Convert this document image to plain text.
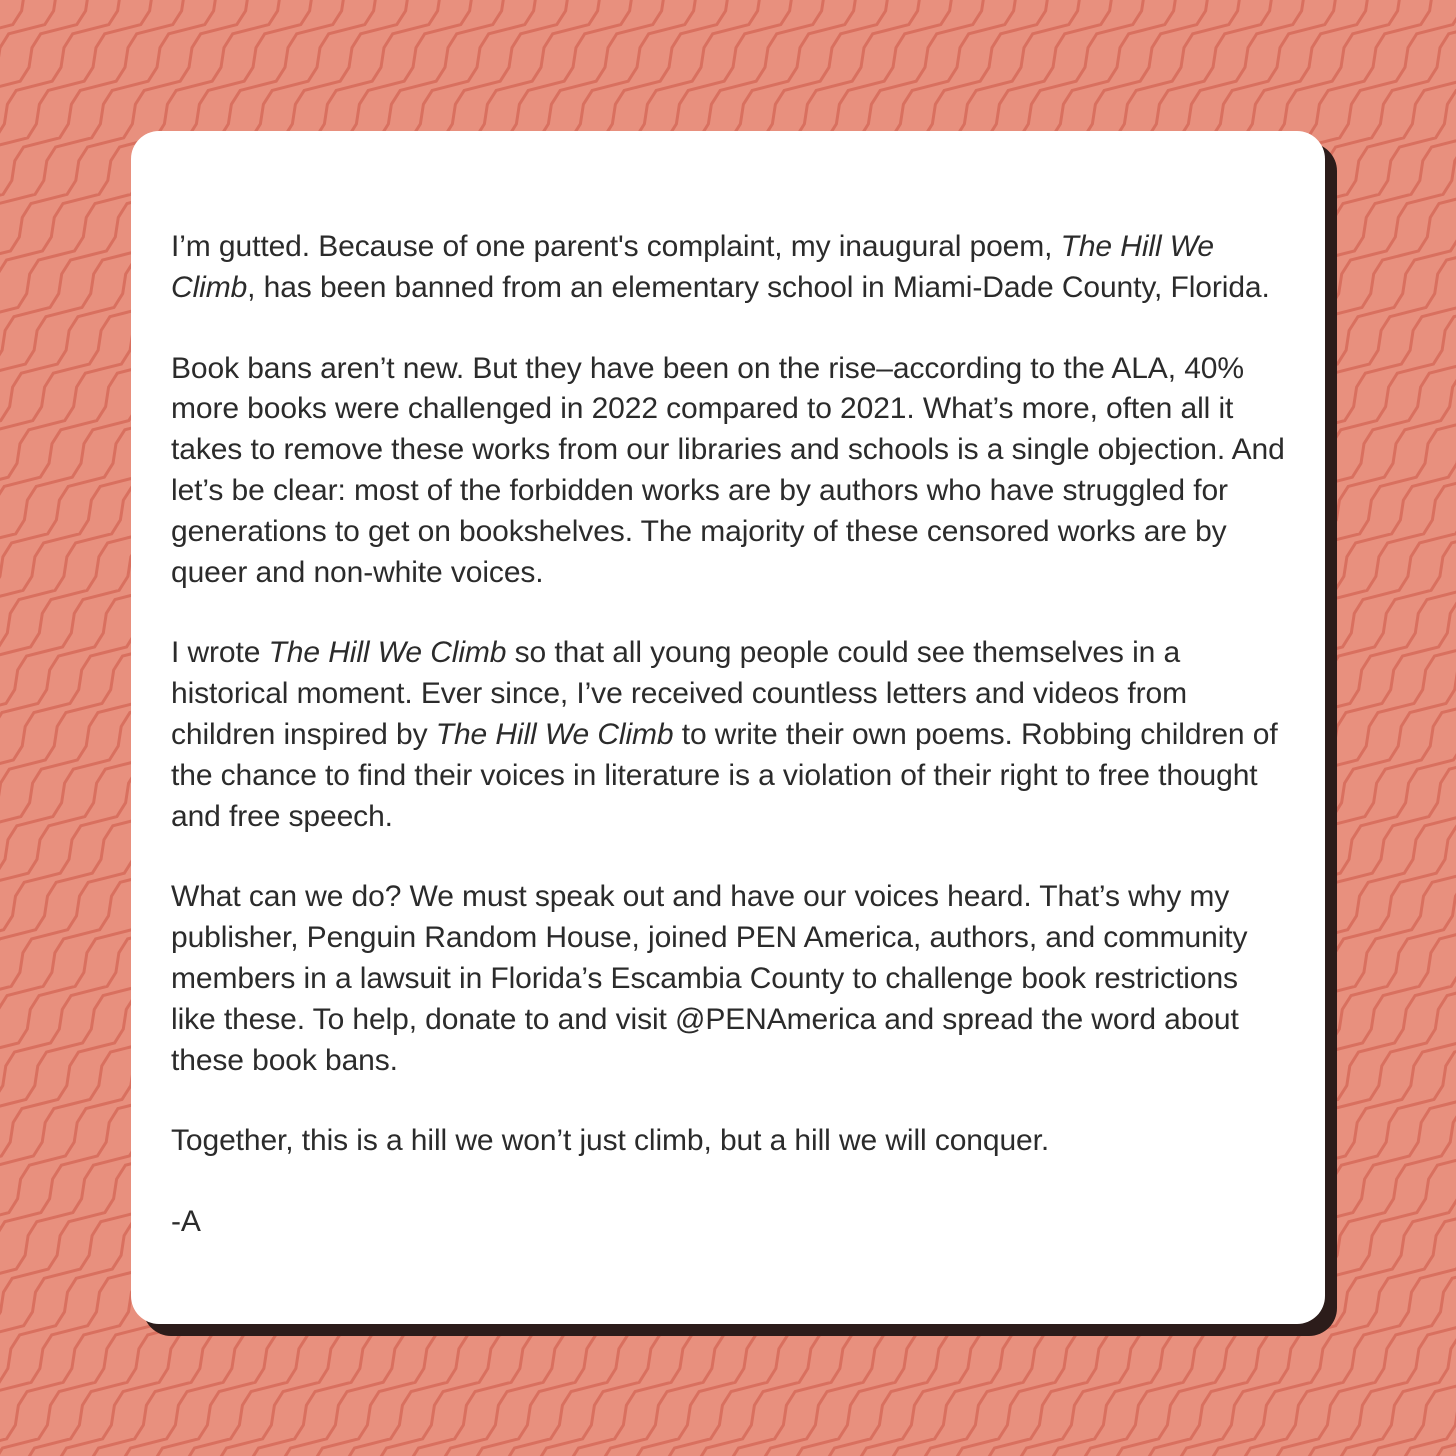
I’m gutted. Because of one parent's complaint, my inaugural poem, The Hill We Climb, has been banned from an elementary school in Miami-Dade County, Florida.

Book bans aren’t new. But they have been on the rise–according to the ALA, 40% more books were challenged in 2022 compared to 2021. What’s more, often all it takes to remove these works from our libraries and schools is a single objection. And let’s be clear: most of the forbidden works are by authors who have struggled for generations to get on bookshelves. The majority of these censored works are by queer and non-white voices.

I wrote The Hill We Climb so that all young people could see themselves in a historical moment. Ever since, I’ve received countless letters and videos from children inspired by The Hill We Climb to write their own poems. Robbing children of the chance to find their voices in literature is a violation of their right to free thought and free speech.

What can we do? We must speak out and have our voices heard. That’s why my publisher, Penguin Random House, joined PEN America, authors, and community members in a lawsuit in Florida’s Escambia County to challenge book restrictions like these. To help, donate to and visit @PENAmerica and spread the word about these book bans.

Together, this is a hill we won’t just climb, but a hill we will conquer.

-A
